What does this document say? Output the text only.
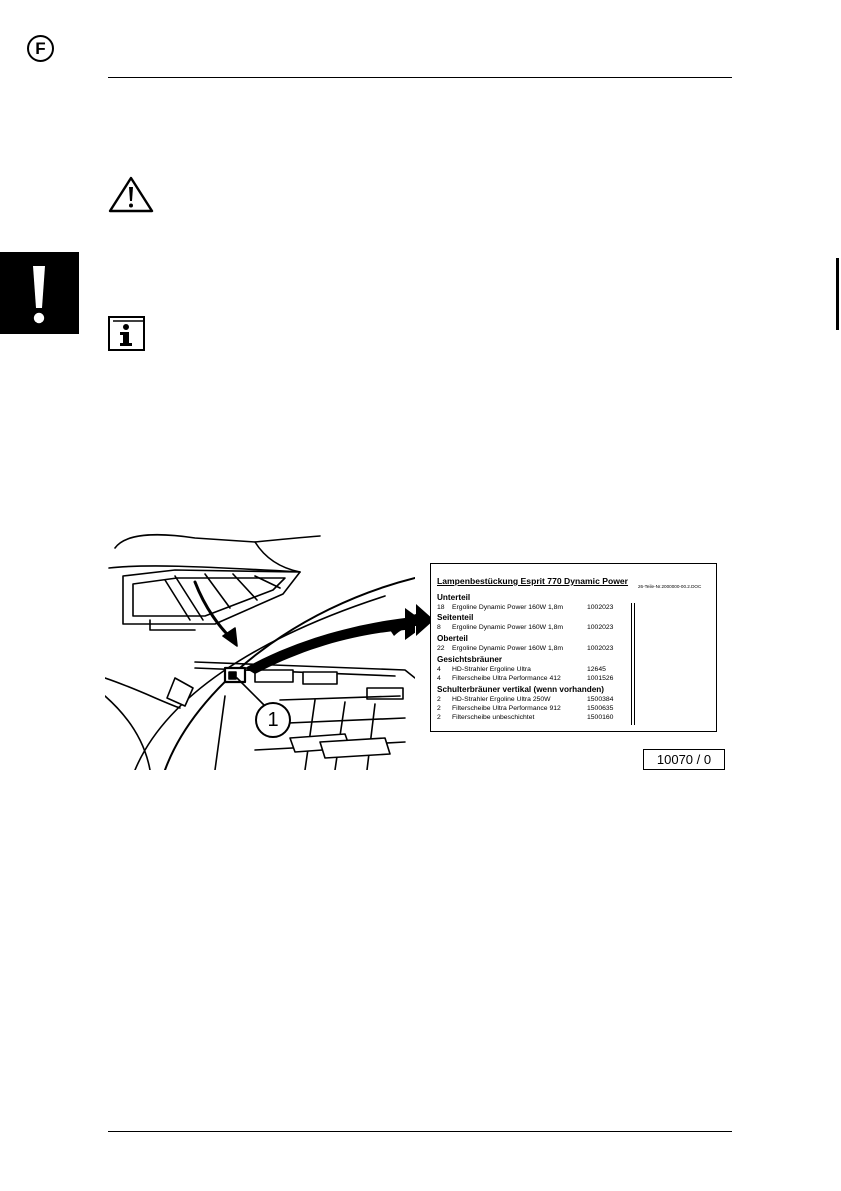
F
1
Lampenbestückung Esprit 770 Dynamic Power
26-Teile-Nr.2000000-00.2.DOC
Unterteil
18 Ergoline Dynamic Power 160W 1,8m	1002023
Seitenteil
8 Ergoline Dynamic Power 160W 1,8m	1002023
Oberteil
22 Ergoline Dynamic Power 160W 1,8m	1002023
Gesichtsbräuner
4 HD-Strahler Ergoline Ultra	12645
4 Filterscheibe Ultra Performance 412	1001526
Schulterbräuner vertikal (wenn vorhanden)
2 HD-Strahler Ergoline Ultra 250W	1500384
2 Filterscheibe Ultra Performance 912	1500635
2 Filterscheibe unbeschichtet	1500160
10070 / 0
